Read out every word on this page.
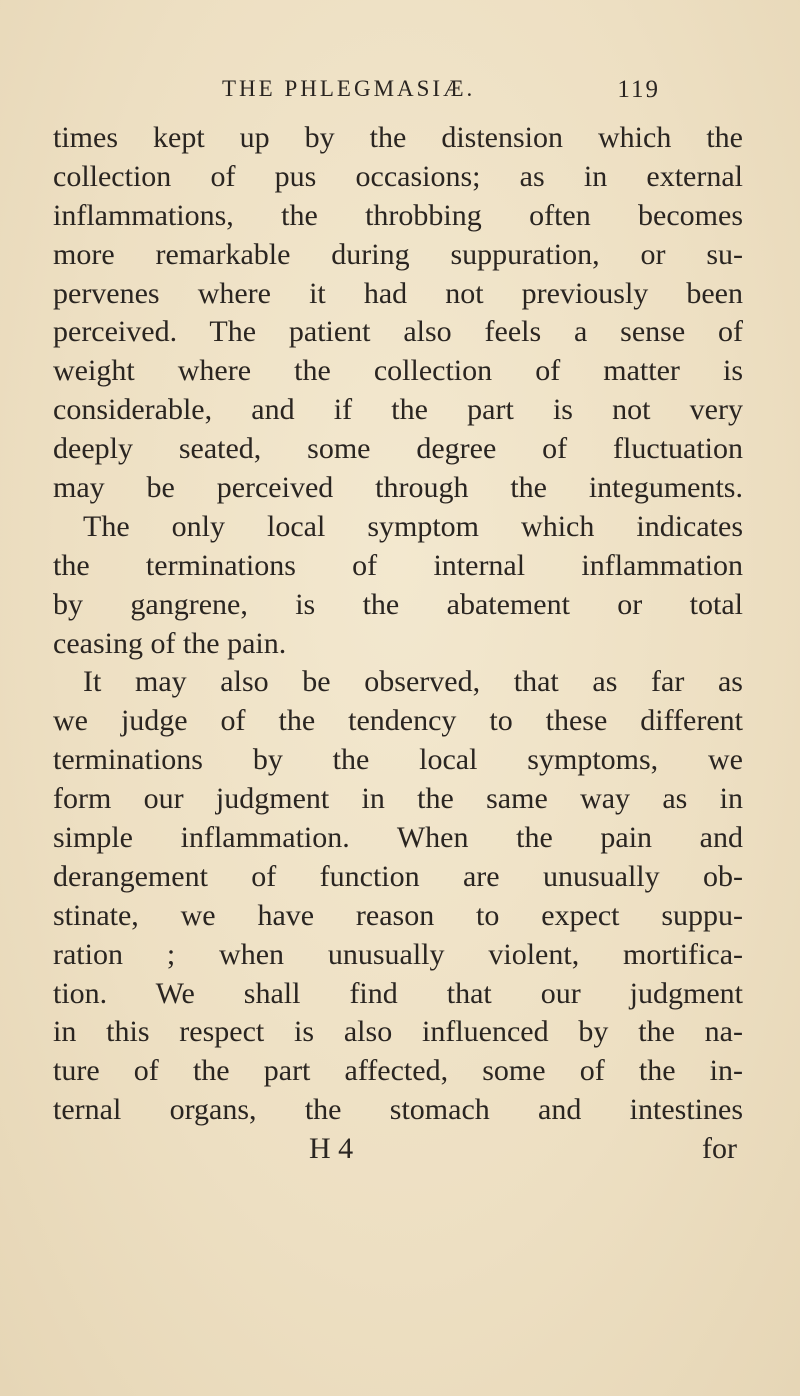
THE PHLEGMASIÆ.	119
times kept up by the distension which the
collection of pus occasions; as in external
inflammations, the throbbing often becomes
more remarkable during suppuration, or su-
pervenes where it had not previously been
perceived. The patient also feels a sense of
weight where the collection of matter is
considerable, and if the part is not very
deeply seated, some degree of fluctuation
may be perceived through the integuments.
The only local symptom which indicates
the terminations of internal inflammation
by gangrene, is the abatement or total
ceasing of the pain.
It may also be observed, that as far as
we judge of the tendency to these different
terminations by the local symptoms, we
form our judgment in the same way as in
simple inflammation. When the pain and
derangement of function are unusually ob-
stinate, we have reason to expect suppu-
ration ; when unusually violent, mortifica-
tion. We shall find that our judgment
in this respect is also influenced by the na-
ture of the part affected, some of the in-
ternal organs, the stomach and intestines
H 4	for
